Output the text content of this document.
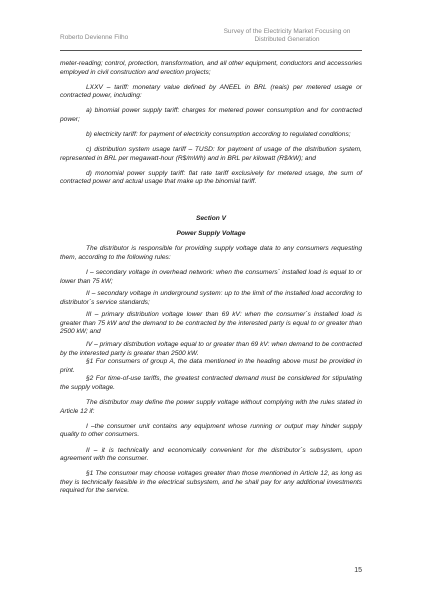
Roberto Devienne Filho
Survey of the Electricity Market Focusing on
Distributed Generation

meter-reading; control, protection, transformation, and all other equipment, conductors and accessories employed in civil construction and erection projects;

LXXV – tariff: monetary value defined by ANEEL in BRL (reais) per metered usage or contracted power, including:

a) binomial power supply tariff: charges for metered power consumption and for contracted power;

b) electricity tariff: for payment of electricity consumption according to regulated conditions;

c) distribution system usage tariff – TUSD: for payment of usage of the distribution system, represented in BRL per megawatt-hour (R$/mWh) and in BRL per kilowatt (R$/kW); and

d) monomial power supply tariff: flat rate tariff exclusively for metered usage, the sum of contracted power and actual usage that make up the binomial tariff.

Section V

Power Supply Voltage

The distributor is responsible for providing supply voltage data to any consumers requesting them, according to the following rules:

I – secondary voltage in overhead network: when the consumers´ installed load is equal to or lower than 75 kW;

II – secondary voltage in underground system: up to the limit of the installed load according to distributor´s service standards;

III – primary distribution voltage lower than 69 kV: when the consumer´s installed load is greater than 75 kW and the demand to be contracted by the interested party is equal to or greater than 2500 kW; and

IV – primary distribution voltage equal to or greater than 69 kV: when demand to be contracted by the interested party is greater than 2500 kW.

§1 For consumers of group A, the data mentioned in the heading above must be provided in print.

§2 For time-of-use tariffs, the greatest contracted demand must be considered for stipulating the supply voltage.

The distributor may define the power supply voltage without complying with the rules stated in Article 12 if:

I –the consumer unit contains any equipment whose running or output may hinder supply quality to other consumers.

II – it is technically and economically convenient for the distributor´s subsystem, upon agreement with the consumer.

§1 The consumer may choose voltages greater than those mentioned in Article 12, as long as they is technically feasible in the electrical subsystem, and he shall pay for any additional investments required for the service.

15
